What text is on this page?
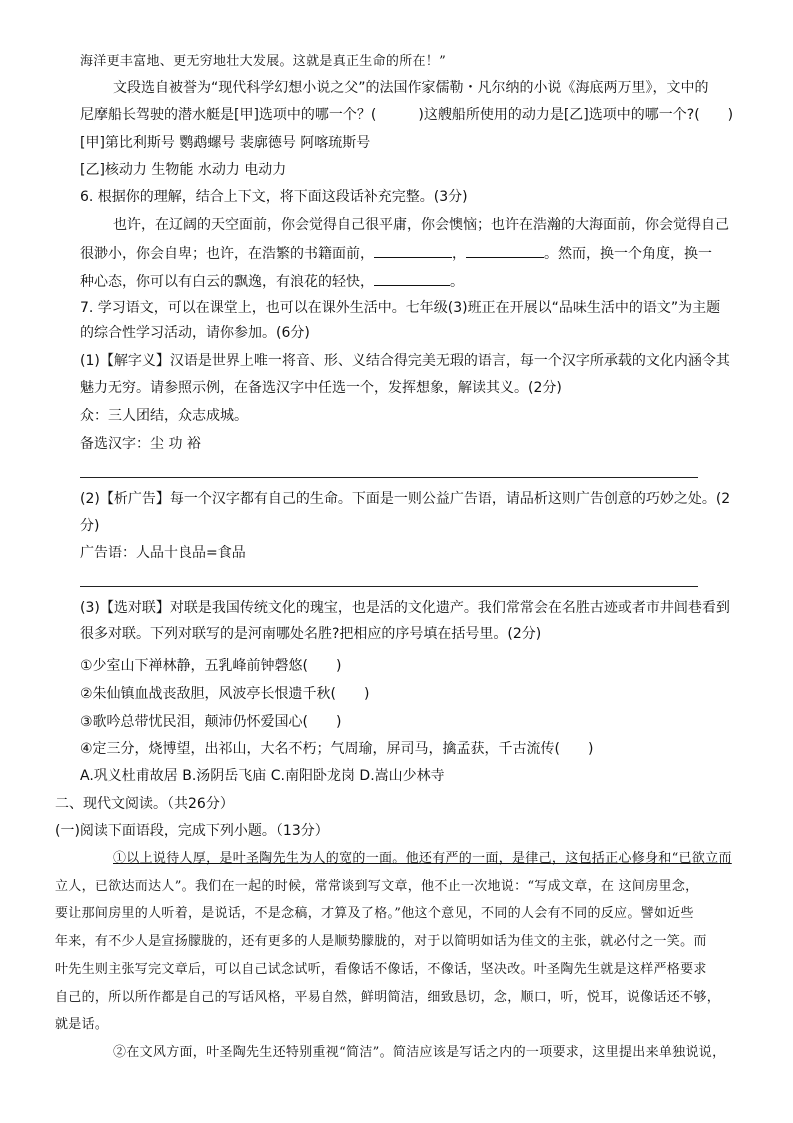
海洋更丰富地、更无穷地壮大发展。这就是真正生命的所在！”
文段选自被誉为“现代科学幻想小说之父”的法国作家儒勒・凡尔纳的小说《海底两万里》，文中的
尼摩船长驾驶的潜水艇是[甲]选项中的哪一个？(　　　)这艘船所使用的动力是[乙]选项中的哪一个?(　　)
[甲]第比利斯号 鹦鹉螺号 裴廓德号 阿喀琉斯号
[乙]核动力 生物能 水动力 电动力
6. 根据你的理解，结合上下文，将下面这段话补充完整。(3分)
也许，在辽阔的天空面前，你会觉得自己很平庸，你会懊恼；也许在浩瀚的大海面前，你会觉得自己
很渺小，你会自卑；也许，在浩繁的书籍面前，	，	。然而，换一个角度，换一
种心态，你可以有白云的飘逸，有浪花的轻快，	。
7. 学习语文，可以在课堂上，也可以在课外生活中。七年级(3)班正在开展以“品味生活中的语文”为主题
的综合性学习活动，请你参加。(6分)
(1)【解字义】汉语是世界上唯一将音、形、义结合得完美无瑕的语言，每一个汉字所承载的文化内涵令其
魅力无穷。请参照示例，在备选汉字中任选一个，发挥想象，解读其义。(2分)
众：三人团结，众志成城。
备选汉字：尘 功 裕
(2)【析广告】每一个汉字都有自己的生命。下面是一则公益广告语，请品析这则广告创意的巧妙之处。(2
分)
广告语：人品十良品=食品
(3)【选对联】对联是我国传统文化的瑰宝，也是活的文化遗产。我们常常会在名胜古迹或者市井闾巷看到
很多对联。下列对联写的是河南哪处名胜?把相应的序号填在括号里。(2分)
①少室山下禅林静，五乳峰前钟磬悠(　　)
②朱仙镇血战丧敌胆，风波亭长恨遗千秋(　　)
③歌吟总带忧民泪，颠沛仍怀爱国心(　　)
④定三分，烧博望，出祁山，大名不朽；气周瑜，屏司马，擒孟获，千古流传(　　)
A.巩义杜甫故居 B.汤阴岳飞庙 C.南阳卧龙岗 D.嵩山少林寺
二、现代文阅读。（共26分）
(一)阅读下面语段，完成下列小题。（13分）
①以上说待人厚，是叶圣陶先生为人的宽的一面。他还有严的一面，是律己，这包括正心修身和“已欲立而
立人，已欲达而达人”。我们在一起的时候，常常谈到写文章，他不止一次地说：“写成文章，在 这间房里念，
要让那间房里的人听着，是说话，不是念稿，才算及了格。”他这个意见，不同的人会有不同的反应。譬如近些
年来，有不少人是宣扬朦胧的，还有更多的人是顺势朦胧的，对于以简明如话为佳文的主张，就必付之一笑。而
叶先生则主张写完文章后，可以自己试念试听，看像话不像话，不像话，坚决改。叶圣陶先生就是这样严格要求
自己的，所以所作都是自己的写话风格，平易自然，鲜明简洁，细致恳切，念，顺口，听，悦耳，说像话还不够，
就是话。
②在文风方面，叶圣陶先生还特别重视“简洁”。简洁应该是写话之内的一项要求，这里提出来单独说说，
